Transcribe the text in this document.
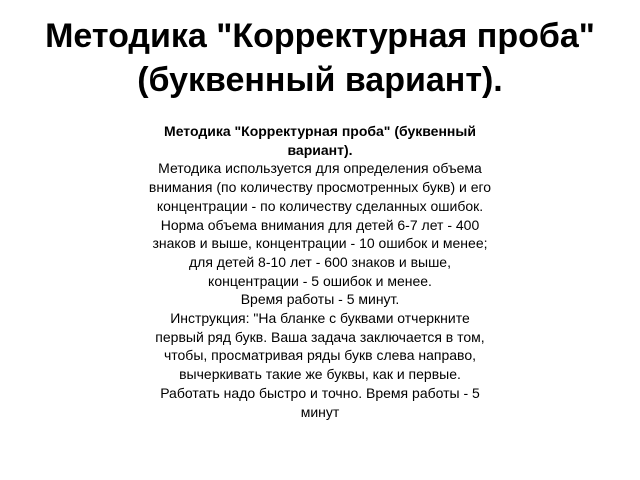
Методика "Корректурная проба" (буквенный вариант).
Методика "Корректурная проба" (буквенный
вариант).
Методика используется для определения объема
внимания (по количеству просмотренных букв) и его
концентрации - по количеству сделанных ошибок.
Норма объема внимания для детей 6-7 лет - 400
знаков и выше, концентрации - 10 ошибок и менее;
для детей 8-10 лет - 600 знаков и выше,
концентрации - 5 ошибок и менее.
Время работы - 5 минут.
Инструкция: "На бланке с буквами отчеркните
первый ряд букв. Ваша задача заключается в том,
чтобы, просматривая ряды букв слева направо,
вычеркивать такие же буквы, как и первые.
Работать надо быстро и точно. Время работы - 5
минут
